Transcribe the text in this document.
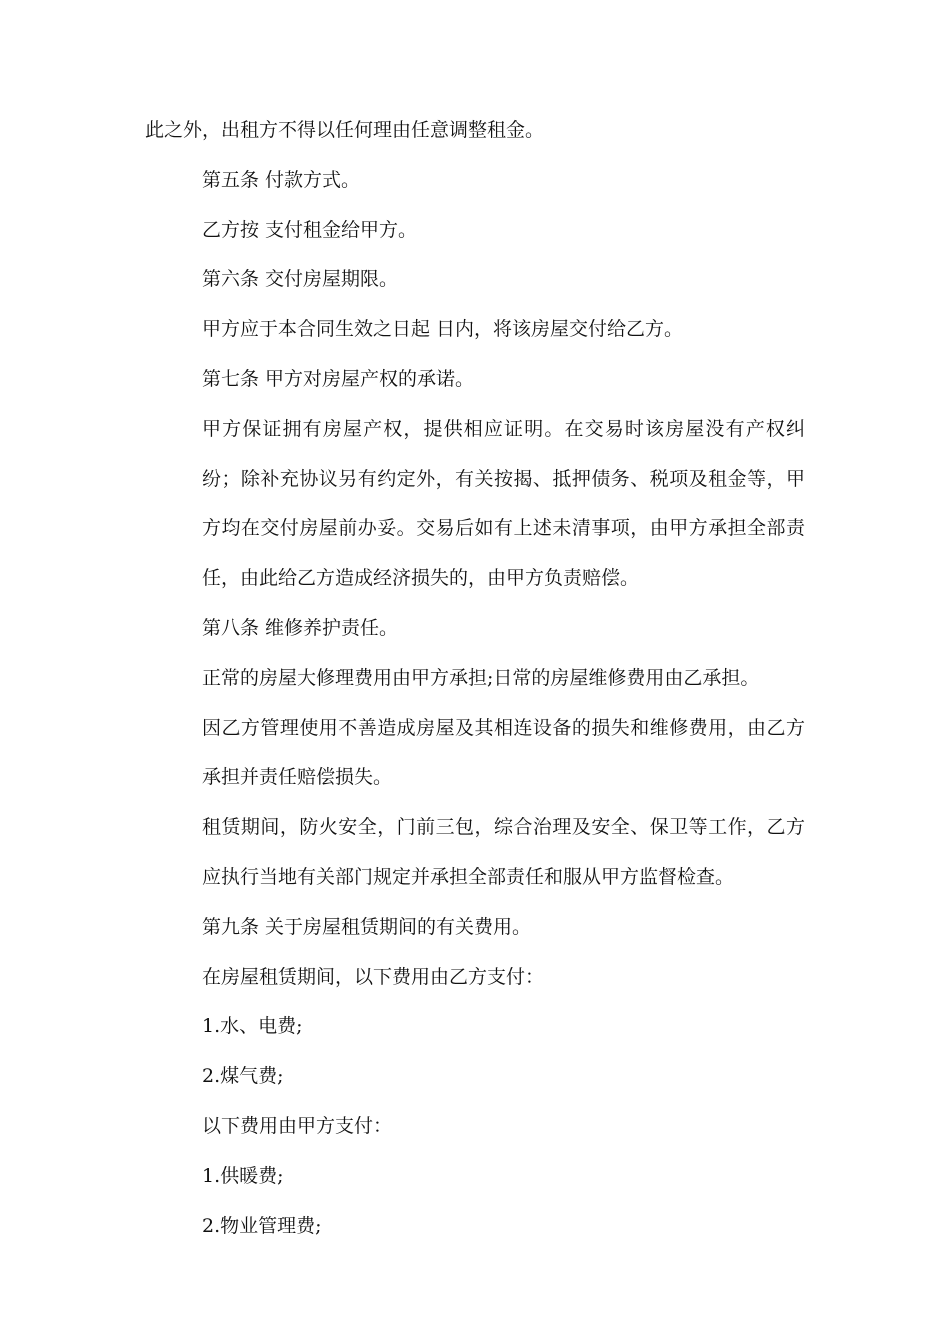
此之外，出租方不得以任何理由任意调整租金。

第五条 付款方式。

乙方按 支付租金给甲方。

第六条 交付房屋期限。

甲方应于本合同生效之日起 日内，将该房屋交付给乙方。

第七条 甲方对房屋产权的承诺。

甲方保证拥有房屋产权，提供相应证明。在交易时该房屋没有产权纠纷；除补充协议另有约定外，有关按揭、抵押债务、税项及租金等，甲方均在交付房屋前办妥。交易后如有上述未清事项，由甲方承担全部责任，由此给乙方造成经济损失的，由甲方负责赔偿。

第八条 维修养护责任。

正常的房屋大修理费用由甲方承担;日常的房屋维修费用由乙承担。

因乙方管理使用不善造成房屋及其相连设备的损失和维修费用，由乙方承担并责任赔偿损失。

租赁期间，防火安全，门前三包，综合治理及安全、保卫等工作，乙方应执行当地有关部门规定并承担全部责任和服从甲方监督检查。

第九条 关于房屋租赁期间的有关费用。

在房屋租赁期间，以下费用由乙方支付：

1.水、电费;

2.煤气费;

以下费用由甲方支付：

1.供暖费;

2.物业管理费;
